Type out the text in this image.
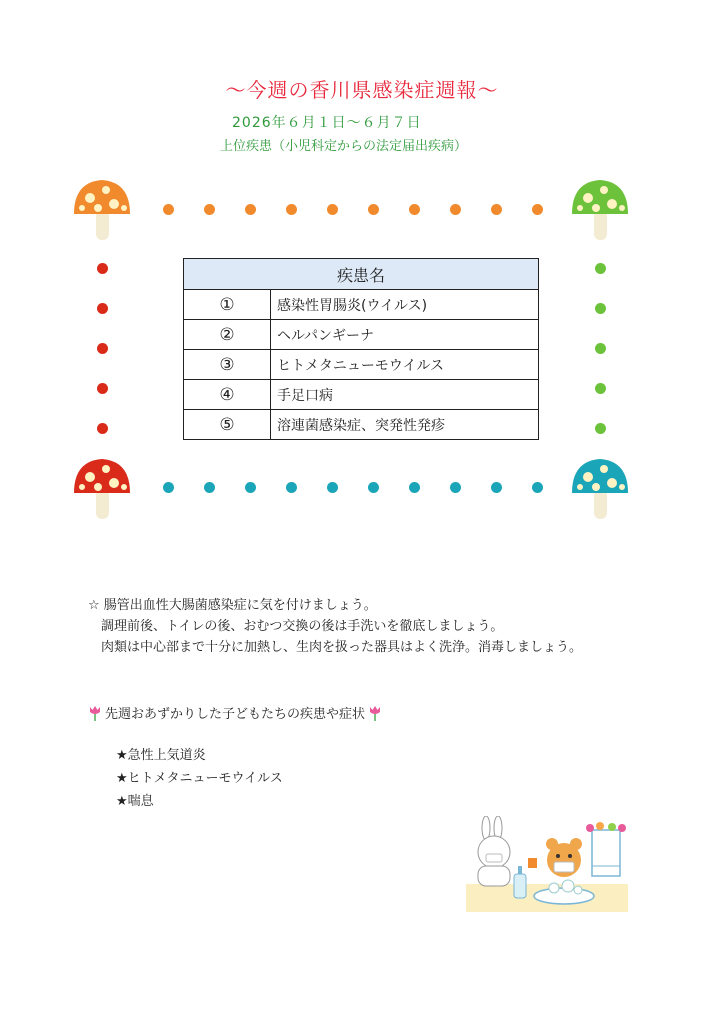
～今週の香川県感染症週報～
2026年６月１日～６月７日
上位疾患（小児科定からの法定届出疾病）
疾患名	
①	感染性胃腸炎(ウイルス)
②	ヘルパンギーナ
③	ヒトメタニューモウイルス
④	手足口病
⑤	溶連菌感染症、突発性発疹
☆ 腸管出血性大腸菌感染症に気を付けましょう。
　調理前後、トイレの後、おむつ交換の後は手洗いを徹底しましょう。
　肉類は中心部まで十分に加熱し、生肉を扱った器具はよく洗浄。消毒しましょう。
先週おあずかりした子どもたちの疾患や症状
★急性上気道炎
★ヒトメタニューモウイルス
★喘息
